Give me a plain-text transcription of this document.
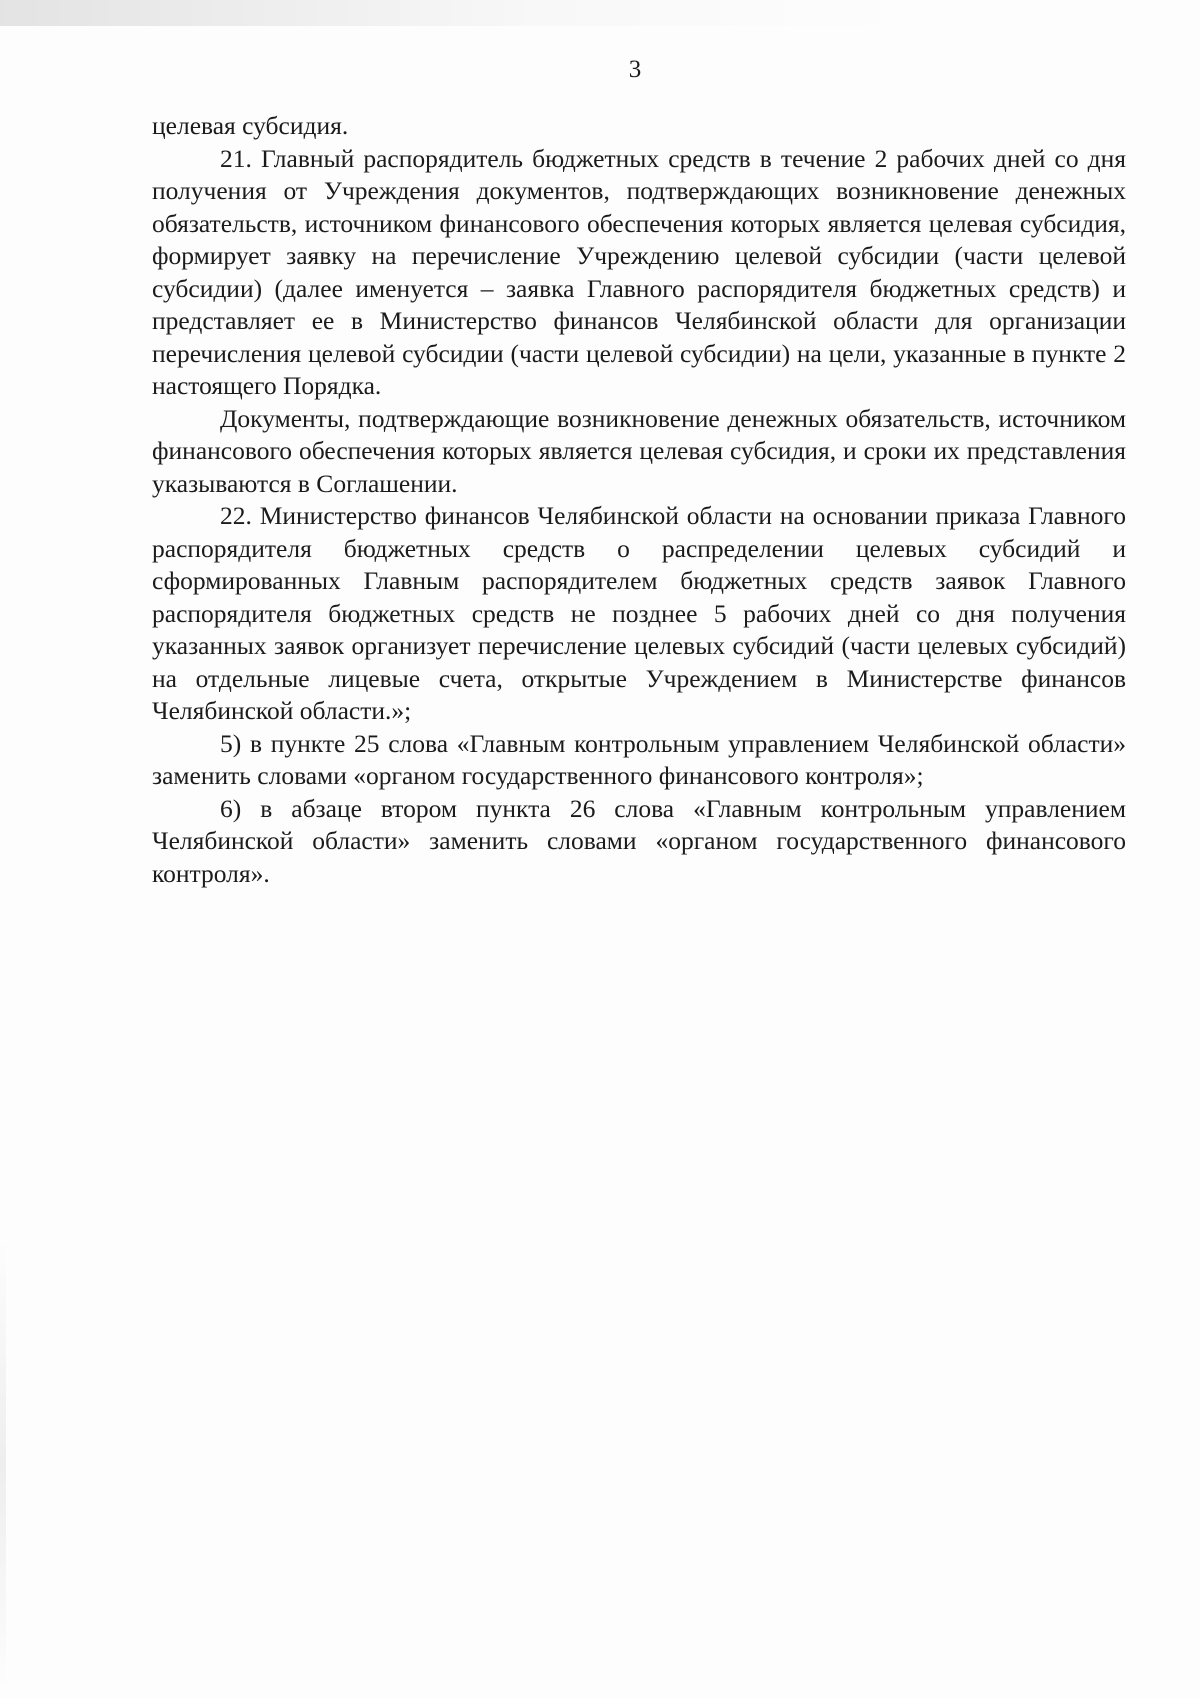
3

целевая субсидия.

21. Главный распорядитель бюджетных средств в течение 2 рабочих дней со дня получения от Учреждения документов, подтверждающих возникновение денежных обязательств, источником финансового обеспечения которых является целевая субсидия, формирует заявку на перечисление Учреждению целевой субсидии (части целевой субсидии) (далее именуется – заявка Главного распорядителя бюджетных средств) и представляет ее в Министерство финансов Челябинской области для организации перечисления целевой субсидии (части целевой субсидии) на цели, указанные в пункте 2 настоящего Порядка.

Документы, подтверждающие возникновение денежных обязательств, источником финансового обеспечения которых является целевая субсидия, и сроки их представления указываются в Соглашении.

22. Министерство финансов Челябинской области на основании приказа Главного распорядителя бюджетных средств о распределении целевых субсидий и сформированных Главным распорядителем бюджетных средств заявок Главного распорядителя бюджетных средств не позднее 5 рабочих дней со дня получения указанных заявок организует перечисление целевых субсидий (части целевых субсидий) на отдельные лицевые счета, открытые Учреждением в Министерстве финансов Челябинской области.»;

5) в пункте 25 слова «Главным контрольным управлением Челябинской области» заменить словами «органом государственного финансового контроля»;

6) в абзаце втором пункта 26 слова «Главным контрольным управлением Челябинской области» заменить словами «органом государственного финансового контроля».
